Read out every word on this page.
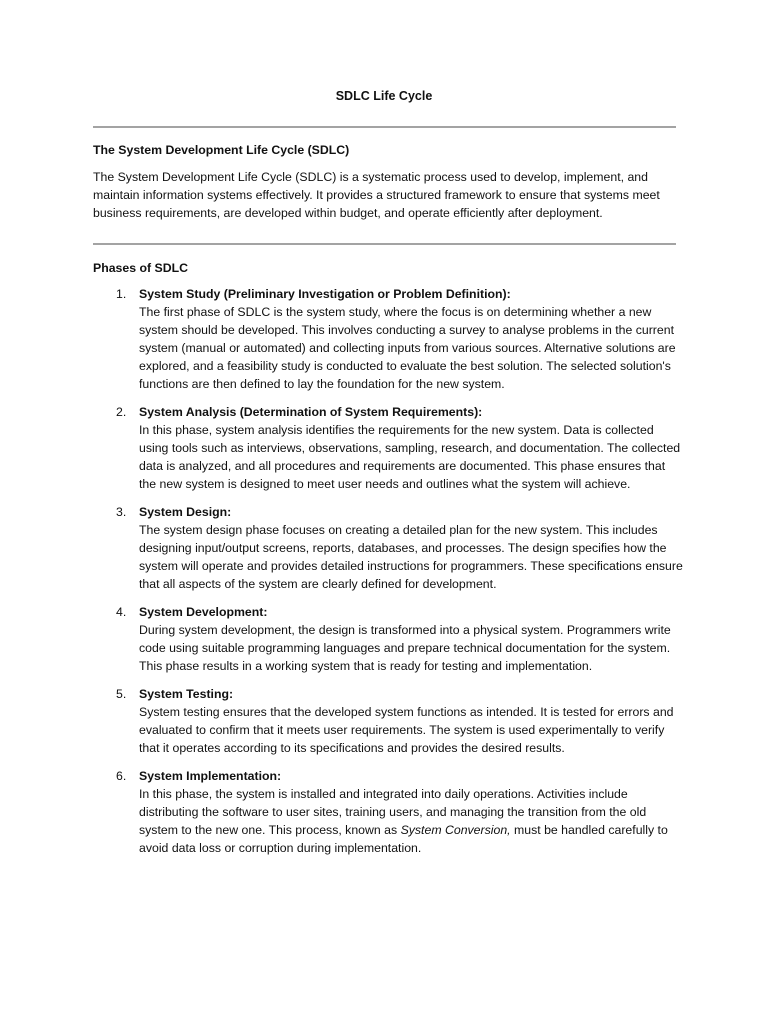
SDLC Life Cycle
The System Development Life Cycle (SDLC)

The System Development Life Cycle (SDLC) is a systematic process used to develop, implement, and maintain information systems effectively. It provides a structured framework to ensure that systems meet business requirements, are developed within budget, and operate efficiently after deployment.

Phases of SDLC
1. System Study (Preliminary Investigation or Problem Definition):
The first phase of SDLC is the system study, where the focus is on determining whether a new system should be developed. This involves conducting a survey to analyse problems in the current system (manual or automated) and collecting inputs from various sources. Alternative solutions are explored, and a feasibility study is conducted to evaluate the best solution. The selected solution's functions are then defined to lay the foundation for the new system.
2. System Analysis (Determination of System Requirements):
In this phase, system analysis identifies the requirements for the new system. Data is collected using tools such as interviews, observations, sampling, research, and documentation. The collected data is analyzed, and all procedures and requirements are documented. This phase ensures that the new system is designed to meet user needs and outlines what the system will achieve.
3. System Design:
The system design phase focuses on creating a detailed plan for the new system. This includes designing input/output screens, reports, databases, and processes. The design specifies how the system will operate and provides detailed instructions for programmers. These specifications ensure that all aspects of the system are clearly defined for development.
4. System Development:
During system development, the design is transformed into a physical system. Programmers write code using suitable programming languages and prepare technical documentation for the system. This phase results in a working system that is ready for testing and implementation.
5. System Testing:
System testing ensures that the developed system functions as intended. It is tested for errors and evaluated to confirm that it meets user requirements. The system is used experimentally to verify that it operates according to its specifications and provides the desired results.
6. System Implementation:
In this phase, the system is installed and integrated into daily operations. Activities include distributing the software to user sites, training users, and managing the transition from the old system to the new one. This process, known as System Conversion, must be handled carefully to avoid data loss or corruption during implementation.
